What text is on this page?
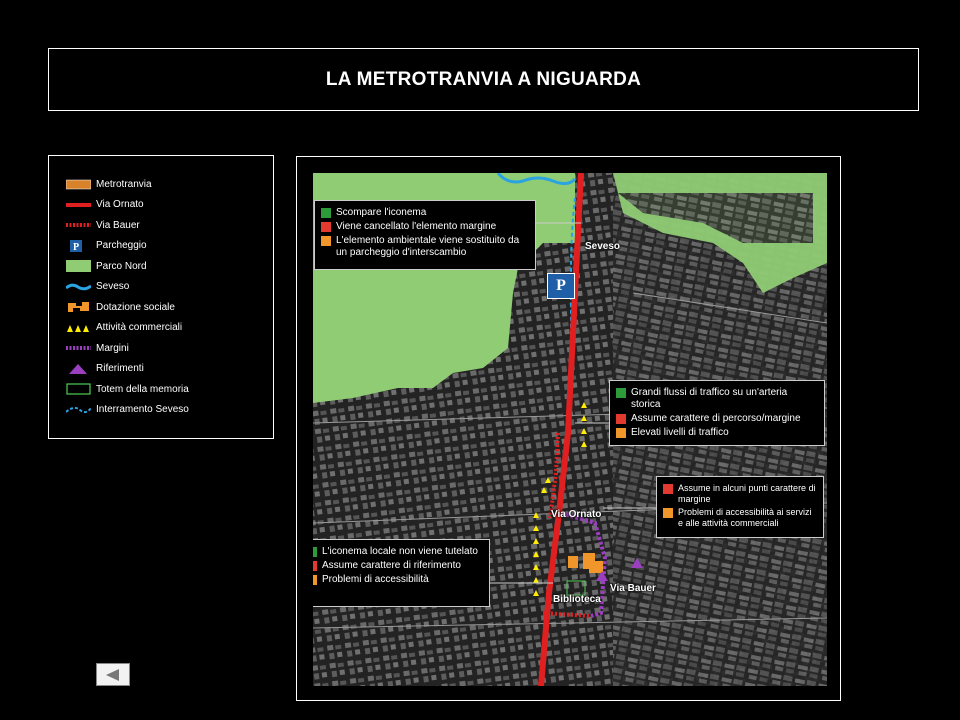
LA METROTRANVIA A NIGUARDA
Metrotranvia
Via Ornato
Via Bauer
P Parcheggio
Parco Nord
Seveso
Dotazione sociale
Attività commerciali
Margini
Riferimenti
Totem della memoria
Interramento Seveso
P
Seveso
Via Ornato
Biblioteca
Via Bauer
Scompare l'iconema
Viene cancellato l'elemento margine
L'elemento ambientale viene sostituito da un parcheggio d'interscambio
Grandi flussi di traffico su un'arteria storica
Assume carattere di percorso/margine
Elevati livelli di traffico
Assume in alcuni punti carattere di margine
Problemi di accessibilità ai servizi e alle attività commerciali
L'iconema locale non viene tutelato
Assume carattere di riferimento
Problemi di accessibilità
